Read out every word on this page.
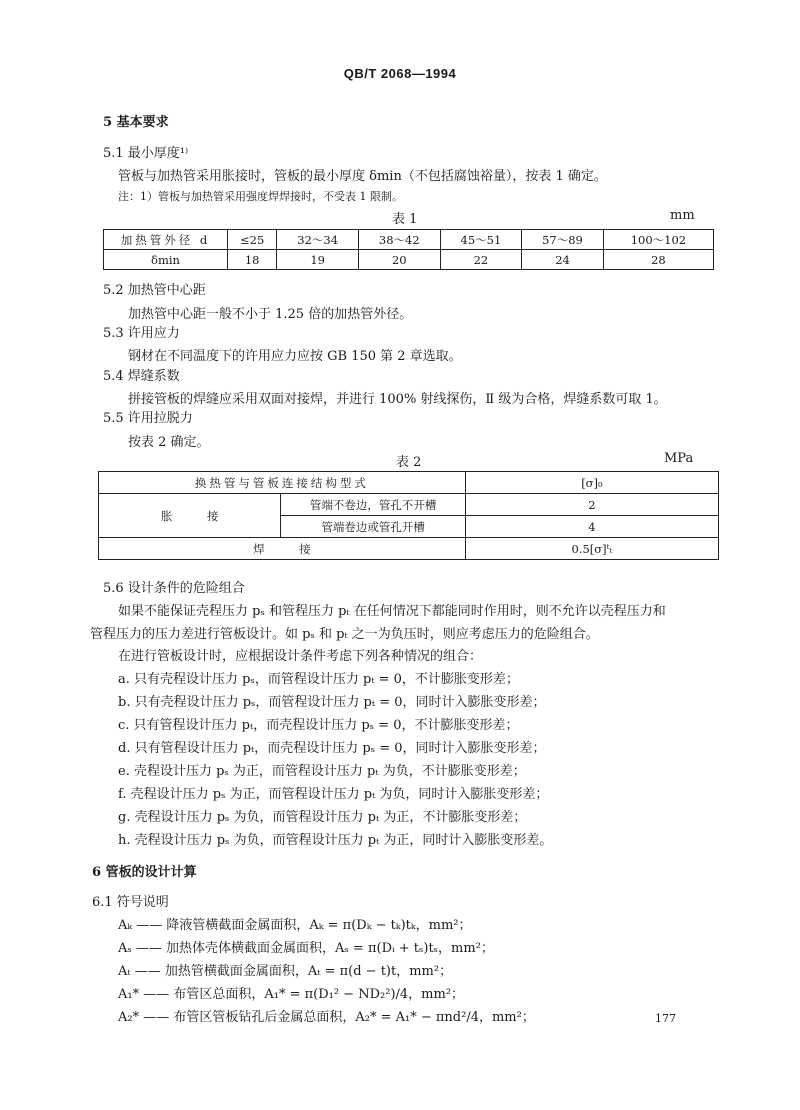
QB/T 2068—1994
5 基本要求
5.1 最小厚度¹⁾
管板与加热管采用胀接时，管板的最小厚度 δmin（不包括腐蚀裕量），按表 1 确定。
注：1）管板与加热管采用强度焊焊接时，不受表 1 限制。
表 1	mm
加热管外径 d	≤25	32～34	38～42	45～51	57～89	100～102
δmin	18	19	20	22	24	28
5.2 加热管中心距
加热管中心距一般不小于 1.25 倍的加热管外径。
5.3 许用应力
钢材在不同温度下的许用应力应按 GB 150 第 2 章选取。
5.4 焊缝系数
拼接管板的焊缝应采用双面对接焊，并进行 100% 射线探伤，Ⅱ 级为合格，焊缝系数可取 1。
5.5 许用拉脱力
按表 2 确定。
表 2	MPa
换热管与管板连接结构型式		[σ]₀
胀　　　接	管端不卷边，管孔不开槽	2
	管端卷边或管孔开槽	4
焊　　　接		0.5[σ]ᵗₜ
5.6 设计条件的危险组合
如果不能保证壳程压力 pₛ 和管程压力 pₜ 在任何情况下都能同时作用时，则不允许以壳程压力和
管程压力的压力差进行管板设计。如 pₛ 和 pₜ 之一为负压时，则应考虑压力的危险组合。
在进行管板设计时，应根据设计条件考虑下列各种情况的组合：
a. 只有壳程设计压力 pₛ，而管程设计压力 pₜ = 0，不计膨胀变形差；
b. 只有壳程设计压力 pₛ，而管程设计压力 pₜ = 0，同时计入膨胀变形差；
c. 只有管程设计压力 pₜ，而壳程设计压力 pₛ = 0，不计膨胀变形差；
d. 只有管程设计压力 pₜ，而壳程设计压力 pₛ = 0，同时计入膨胀变形差；
e. 壳程设计压力 pₛ 为正，而管程设计压力 pₜ 为负，不计膨胀变形差；
f. 壳程设计压力 pₛ 为正，而管程设计压力 pₜ 为负，同时计入膨胀变形差；
g. 壳程设计压力 pₛ 为负，而管程设计压力 pₜ 为正，不计膨胀变形差；
h. 壳程设计压力 pₛ 为负，而管程设计压力 pₜ 为正，同时计入膨胀变形差。
6 管板的设计计算
6.1 符号说明
Aₖ —— 降液管横截面金属面积，Aₖ = π(Dₖ − tₖ)tₖ，mm²；
Aₛ —— 加热体壳体横截面金属面积，Aₛ = π(Dᵢ + tₛ)tₛ，mm²；
Aₜ —— 加热管横截面金属面积，Aₜ = π(d − t)t，mm²；
A₁* —— 布管区总面积，A₁* = π(D₁² − ND₂²)/4，mm²；
A₂* —— 布管区管板钻孔后金属总面积，A₂* = A₁* − πnd²/4，mm²；	177
